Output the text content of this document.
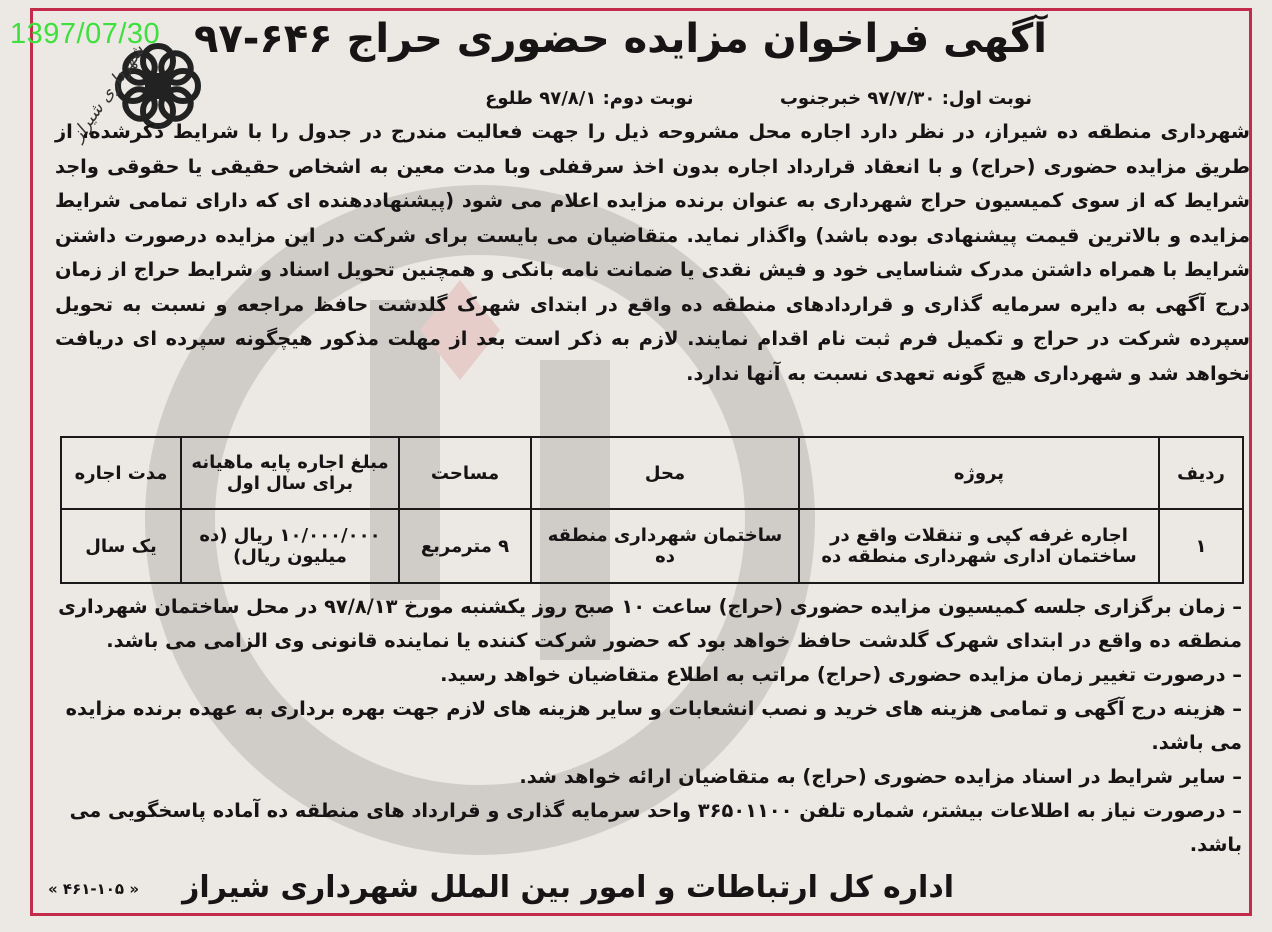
1397/07/30
شهرداری شیراز
آگهی فراخوان مزایده حضوری حراج ۶۴۶-۹۷
نوبت اول: ۹۷/۷/۳۰ خبرجنوب نوبت دوم: ۹۷/۸/۱ طلوع
شهرداری منطقه ده شیراز، در نظر دارد اجاره محل مشروحه ذیل را جهت فعالیت مندرج در جدول را با شرایط ذکرشده، از طریق مزایده حضوری (حراج) و با انعقاد قرارداد اجاره بدون اخذ سرقفلی وبا مدت معین به اشخاص حقیقی یا حقوقی واجد شرایط که از سوی کمیسیون حراج شهرداری به عنوان برنده مزایده اعلام می شود (پیشنهاددهنده ای که دارای تمامی شرایط مزایده و بالاترین قیمت پیشنهادی بوده باشد) واگذار نماید. متقاضیان می بایست برای شرکت در این مزایده درصورت داشتن شرایط با همراه داشتن مدرک شناسایی خود و فیش نقدی یا ضمانت نامه بانکی و همچنین تحویل اسناد و شرایط حراج از زمان درج آگهی به دایره سرمایه گذاری و قراردادهای منطقه ده واقع در ابتدای شهرک گلدشت حافظ مراجعه و نسبت به تحویل سپرده شرکت در حراج و تکمیل فرم ثبت نام اقدام نمایند. لازم به ذکر است بعد از مهلت مذکور هیچگونه سپرده ای دریافت نخواهد شد و شهرداری هیچ گونه تعهدی نسبت به آنها ندارد.
ردیف	پروژه	محل	مساحت	مبلغ اجاره پایه ماهیانه برای سال اول	مدت اجاره
۱	اجاره غرفه کپی و تنقلات واقع در ساختمان اداری شهرداری منطقه ده	ساختمان شهرداری منطقه ده	۹ مترمربع	۱۰/۰۰۰/۰۰۰ ریال (ده میلیون ریال)	یک سال

– زمان برگزاری جلسه کمیسیون مزایده حضوری (حراج) ساعت ۱۰ صبح روز یکشنبه مورخ ۹۷/۸/۱۳ در محل ساختمان شهرداری منطقه ده واقع در ابتدای شهرک گلدشت حافظ خواهد بود که حضور شرکت کننده یا نماینده قانونی وی الزامی می باشد.

– درصورت تغییر زمان مزایده حضوری (حراج) مراتب به اطلاع متقاضیان خواهد رسید.

– هزینه درج آگهی و تمامی هزینه های خرید و نصب انشعابات و سایر هزینه های لازم جهت بهره برداری به عهده برنده مزایده می باشد.

– سایر شرایط در اسناد مزایده حضوری (حراج) به متقاضیان ارائه خواهد شد.

– درصورت نیاز به اطلاعات بیشتر، شماره تلفن ۳۶۵۰۱۱۰۰ واحد سرمایه گذاری و قرارداد های منطقه ده آماده پاسخگویی می باشد.

اداره کل ارتباطات و امور بین الملل شهرداری شیراز
« ۴۶۱-۱۰۵ »
